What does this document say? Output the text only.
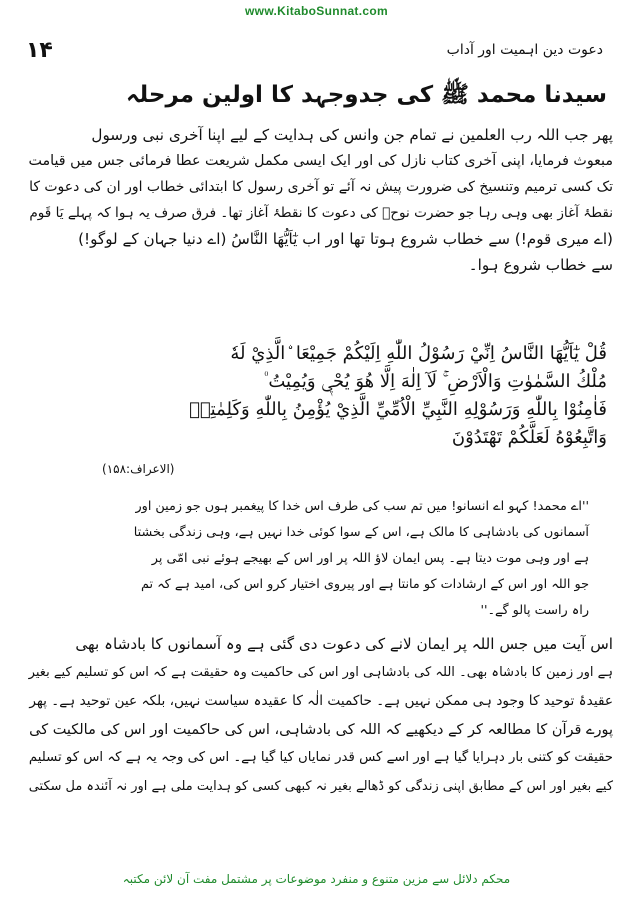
www.KitaboSunnat.com
۱۴	دعوت دین اہمیت اور آداب
سیدنا محمد ﷺ کی جدوجہد کا اولین مرحلہ
پھر جب اللہ رب العلمین نے تمام جن وانس کی ہدایت کے لیے اپنا آخری نبی ورسول
مبعوث فرمایا، اپنی آخری کتاب نازل کی اور ایک ایسی مکمل شریعت عطا فرمائی جس میں قیامت
تک کسی ترمیم وتنسیخ کی ضرورت پیش نہ آئے تو آخری رسول کا ابتدائی خطاب اور ان کی دعوت کا
نقطۂ آغاز بھی وہی رہا جو حضرت نوحؑ کی دعوت کا نقطۂ آغاز تھا۔ فرق صرف یہ ہوا کہ پہلے یَا قَوم
(اے میری قوم!) سے خطاب شروع ہوتا تھا اور اب یٰٓاَیُّهَا النَّاسُ (اے دنیا جہان کے لوگو!)
سے خطاب شروع ہوا۔
قُلْ يٰٓاَيُّهَا النَّاسُ اِنِّيْ رَسُوْلُ اللّٰهِ اِلَيْكُمْ جَمِيْعَا ۨالَّذِيْ لَهٗ
مُلْكُ السَّمٰوٰتِ وَالْاَرْضِ ۚ لَآ اِلٰهَ اِلَّا هُوَ يُحْيٖ وَيُمِيْتُ ۠
فَاٰمِنُوْا بِاللّٰهِ وَرَسُوْلِهِ النَّبِيِّ الْاُمِّيِّ الَّذِيْ يُؤْمِنُ بِاللّٰهِ وَكَلِمٰتِهٖ
وَاتَّبِعُوْهُ لَعَلَّكُمْ تَهْتَدُوْنَ
(الاعراف:۱۵۸)
''اے محمد! کہو اے انسانو! میں تم سب کی طرف اس خدا کا پیغمبر ہوں جو زمین اور
آسمانوں کی بادشاہی کا مالک ہے، اس کے سوا کوئی خدا نہیں ہے، وہی زندگی بخشتا
ہے اور وہی موت دیتا ہے۔ پس ایمان لاؤ اللہ پر اور اس کے بھیجے ہوئے نبی امّی پر
جو اللہ اور اس کے ارشادات کو مانتا ہے اور پیروی اختیار کرو اس کی، امید ہے کہ تم
راہ راست پالو گے۔''
اس آیت میں جس اللہ پر ایمان لانے کی دعوت دی گئی ہے وہ آسمانوں کا بادشاہ بھی
ہے اور زمین کا بادشاہ بھی۔ اللہ کی بادشاہی اور اس کی حاکمیت وہ حقیقت ہے کہ اس کو تسلیم کیے بغیر
عقیدۂ توحید کا وجود ہی ممکن نہیں ہے۔ حاکمیت الٰہ کا عقیدہ سیاست نہیں، بلکہ عین توحید ہے۔ پھر
پورے قرآن کا مطالعہ کر کے دیکھیے کہ اللہ کی بادشاہی، اس کی حاکمیت اور اس کی مالکیت کی
حقیقت کو کتنی بار دہرایا گیا ہے اور اسے کس قدر نمایاں کیا گیا ہے۔ اس کی وجہ یہ ہے کہ اس کو تسلیم
کیے بغیر اور اس کے مطابق اپنی زندگی کو ڈھالے بغیر نہ کبھی کسی کو ہدایت ملی ہے اور نہ آئندہ مل سکتی
محکم دلائل سے مزین متنوع و منفرد موضوعات پر مشتمل مفت آن لائن مکتبہ
